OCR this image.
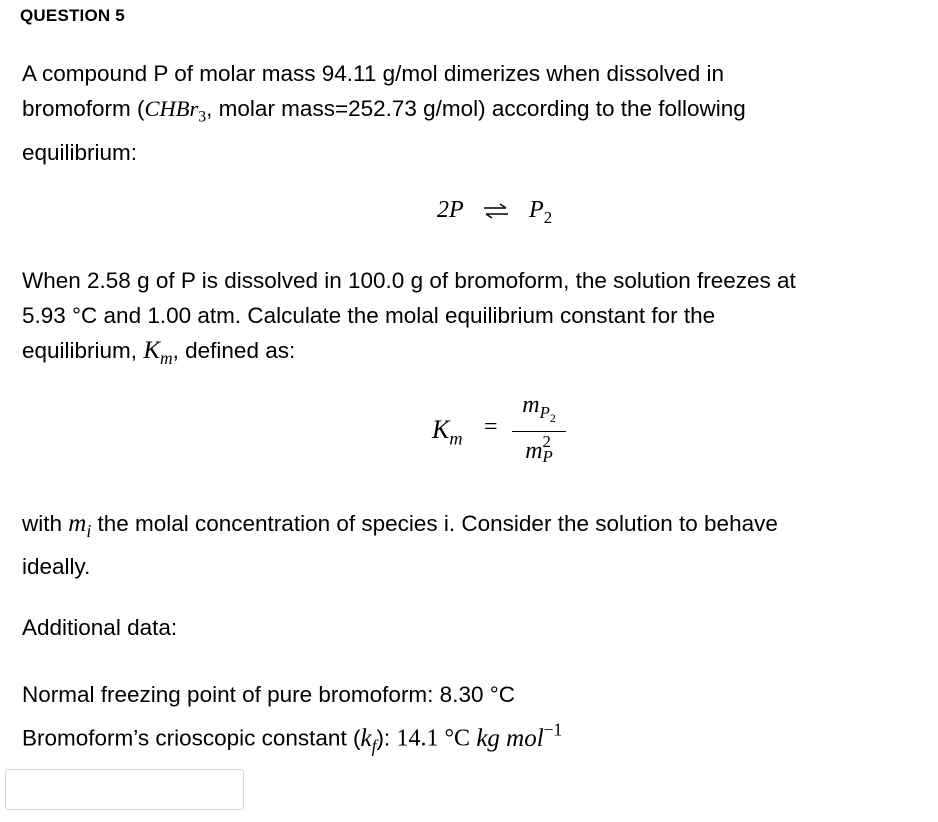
QUESTION 5
A compound P of molar mass 94.11 g/mol dimerizes when dissolved in
bromoform (CHBr$_3$, molar mass=252.73 g/mol) according to the following
equilibrium:
2P ⇌ $P_2$
When 2.58 g of P is dissolved in 100.0 g of bromoform, the solution freezes at
5.93 °C and 1.00 atm. Calculate the molal equilibrium constant for the
equilibrium, $K_m$, defined as:
$K_m$ =
$m_{P_2}$
m 2
P
with $m_i$ the molal concentration of species i. Consider the solution to behave
ideally.
Additional data:
Normal freezing point of pure bromoform: 8.30 °C
Bromoform’s crioscopic constant $(k_f)$: 14.1 °C kg mol$^{-1}$
